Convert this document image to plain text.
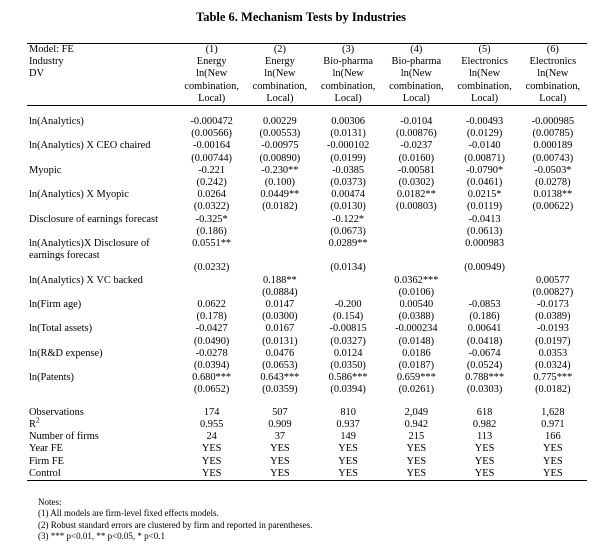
Table 6. Mechanism Tests by Industries
Model: FE	(1)	(2)	(3)	(4)	(5)	(6)
Industry	Energy	Energy	Bio-pharma	Bio-pharma	Electronics	Electronics
DV	ln(New	ln(New	ln(New	ln(New	ln(New	ln(New
	combination,	combination,	combination,	combination,	combination,	combination,
	Local)	Local)	Local)	Local)	Local)	Local)

ln(Analytics)	-0.000472	0.00229	0.00306	-0.0104	-0.00493	-0.000985
	(0.00566)	(0.00553)	(0.0131)	(0.00876)	(0.0129)	(0.00785)
ln(Analytics) X CEO chaired	-0.00164	-0.00975	-0.000102	-0.0237	-0.0140	0.000189
	(0.00744)	(0.00890)	(0.0199)	(0.0160)	(0.00871)	(0.00743)
Myopic	-0.221	-0.230**	-0.0385	-0.00581	-0.0790*	-0.0503*
	(0.242)	(0.100)	(0.0373)	(0.0302)	(0.0461)	(0.0278)
ln(Analytics) X Myopic	0.0264	0.0449**	0.00474	0.0182**	0.0215*	0.0138**
	(0.0322)	(0.0182)	(0.0130)	(0.00803)	(0.0119)	(0.00622)
Disclosure of earnings forecast	-0.325*		-0.122*		-0.0413	
	(0.186)		(0.0673)		(0.0613)	
ln(Analytics)X Disclosure of earnings forecast	0.0551**		0.0289**		0.000983	
	(0.0232)		(0.0134)		(0.00949)	
ln(Analytics) X VC backed		0.188**		0.0362***		0.00577
		(0.0884)		(0.0106)		(0.00827)
ln(Firm age)	0.0622	0.0147	-0.200	0.00540	-0.0853	-0.0173
	(0.178)	(0.0300)	(0.154)	(0.0388)	(0.186)	(0.0389)
ln(Total assets)	-0.0427	0.0167	-0.00815	-0.000234	0.00641	-0.0193
	(0.0490)	(0.0131)	(0.0327)	(0.0148)	(0.0418)	(0.0197)
ln(R&D expense)	-0.0278	0.0476	0.0124	0.0186	-0.0674	0.0353
	(0.0394)	(0.0653)	(0.0350)	(0.0187)	(0.0524)	(0.0324)
ln(Patents)	0.680***	0.643***	0.586***	0.659***	0.788***	0.775***
	(0.0652)	(0.0359)	(0.0394)	(0.0261)	(0.0303)	(0.0182)

Observations	174	507	810	2,049	618	1,628
$R^2$	0.955	0.909	0.937	0.942	0.982	0.971
Number of firms	24	37	149	215	113	166
Year FE	YES	YES	YES	YES	YES	YES
Firm FE	YES	YES	YES	YES	YES	YES
Control	YES	YES	YES	YES	YES	YES
Notes:
(1) All models are firm-level fixed effects models.
(2) Robust standard errors are clustered by firm and reported in parentheses.
(3) *** p<0.01, ** p<0.05, * p<0.1
